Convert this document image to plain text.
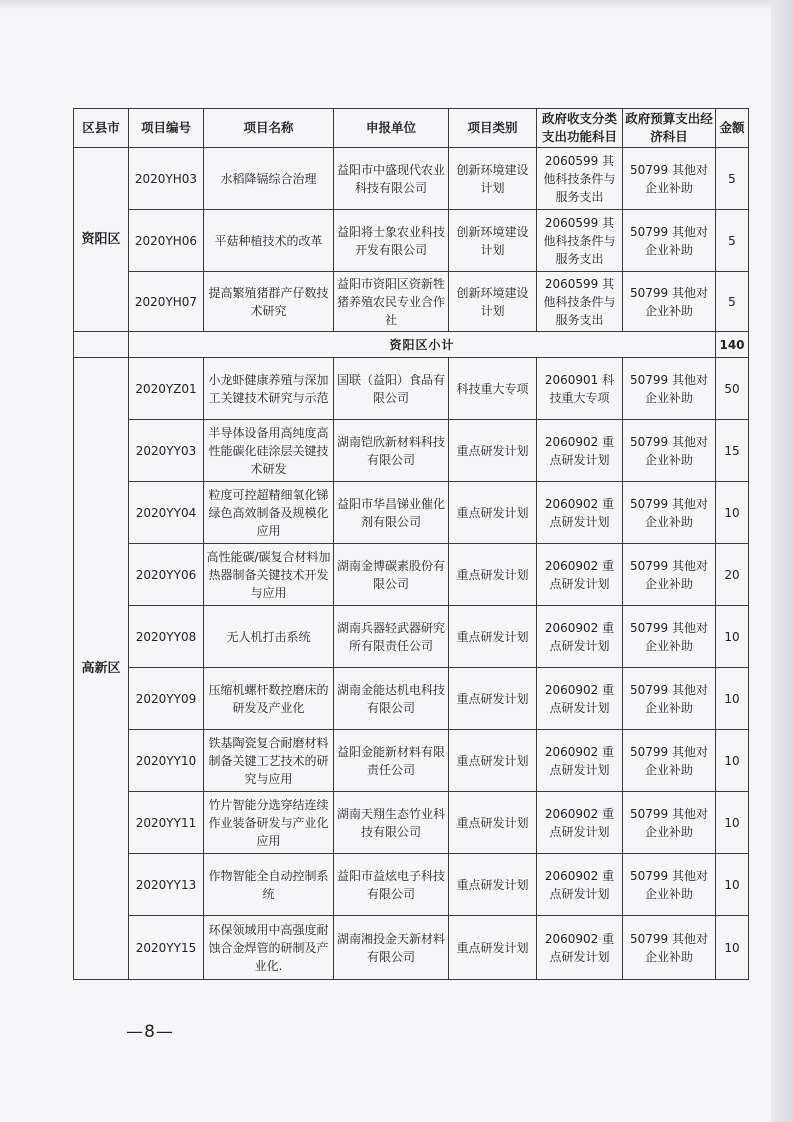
区县市	项目编号	项目名称	申报单位	项目类别	政府收支分类支出功能科目	政府预算支出经济科目	金额
资阳区	2020YH03	水稻降镉综合治理	益阳市中盛现代农业科技有限公司	创新环境建设计划	2060599 其他科技条件与服务支出	50799 其他对企业补助	5
	2020YH06	平菇种植技术的改革	益阳将士象农业科技开发有限公司	创新环境建设计划	2060599 其他科技条件与服务支出	50799 其他对企业补助	5
	2020YH07	提高繁殖猪群产仔数技术研究	益阳市资阳区资新牲猪养殖农民专业合作社	创新环境建设计划	2060599 其他科技条件与服务支出	50799 其他对企业补助	5
	资阳区小计						140
高新区	2020YZ01	小龙虾健康养殖与深加工关键技术研究与示范	国联（益阳）食品有限公司	科技重大专项	2060901 科技重大专项	50799 其他对企业补助	50
	2020YY03	半导体设备用高纯度高性能碳化硅涂层关键技术研发	湖南铠欣新材料科技有限公司	重点研发计划	2060902 重点研发计划	50799 其他对企业补助	15
	2020YY04	粒度可控超精细氧化锑绿色高效制备及规模化应用	益阳市华昌锑业催化剂有限公司	重点研发计划	2060902 重点研发计划	50799 其他对企业补助	10
	2020YY06	高性能碳/碳复合材料加热器制备关键技术开发与应用	湖南金博碳素股份有限公司	重点研发计划	2060902 重点研发计划	50799 其他对企业补助	20
	2020YY08	无人机打击系统	湖南兵器轻武器研究所有限责任公司	重点研发计划	2060902 重点研发计划	50799 其他对企业补助	10
	2020YY09	压缩机螺杆数控磨床的研发及产业化	湖南金能达机电科技有限公司	重点研发计划	2060902 重点研发计划	50799 其他对企业补助	10
	2020YY10	铁基陶瓷复合耐磨材料制备关键工艺技术的研究与应用	益阳金能新材料有限责任公司	重点研发计划	2060902 重点研发计划	50799 其他对企业补助	10
	2020YY11	竹片智能分选穿结连续作业装备研发与产业化应用	湖南天翔生态竹业科技有限公司	重点研发计划	2060902 重点研发计划	50799 其他对企业补助	10
	2020YY13	作物智能全自动控制系统	益阳市益炫电子科技有限公司	重点研发计划	2060902 重点研发计划	50799 其他对企业补助	10
	2020YY15	环保领域用中高强度耐蚀合金焊管的研制及产业化.	湖南湘投金天新材料有限公司	重点研发计划	2060902 重点研发计划	50799 其他对企业补助	10
—8—
